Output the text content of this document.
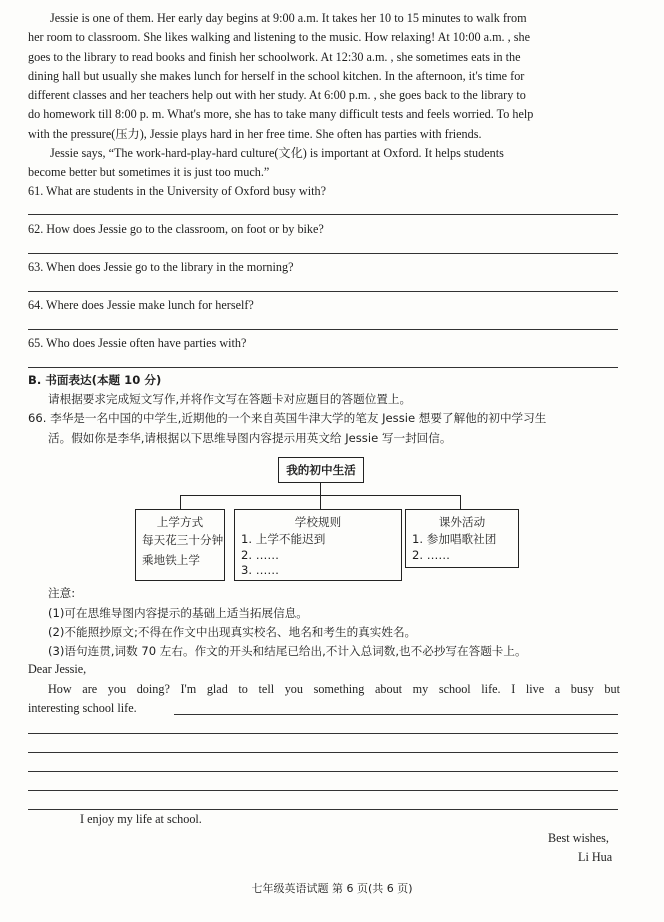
Jessie is one of them. Her early day begins at 9:00 a.m. It takes her 10 to 15 minutes to walk from
her room to classroom. She likes walking and listening to the music. How relaxing! At 10:00 a.m. , she
goes to the library to read books and finish her schoolwork. At 12:30 a.m. , she sometimes eats in the
dining hall but usually she makes lunch for herself in the school kitchen. In the afternoon, it's time for
different classes and her teachers help out with her study. At 6:00 p.m. , she goes back to the library to
do homework till 8:00 p. m. What's more, she has to take many difficult tests and feels worried. To help
with the pressure(压力), Jessie plays hard in her free time. She often has parties with friends.
Jessie says, “The work-hard-play-hard culture(文化) is important at Oxford. It helps students
become better but sometimes it is just too much.”
61. What are students in the University of Oxford busy with?
62. How does Jessie go to the classroom, on foot or by bike?
63. When does Jessie go to the library in the morning?
64. Where does Jessie make lunch for herself?
65. Who does Jessie often have parties with?
B. 书面表达(本题 10 分)
请根据要求完成短文写作,并将作文写在答题卡对应题目的答题位置上。
66. 李华是一名中国的中学生,近期他的一个来自英国牛津大学的笔友 Jessie 想要了解他的初中学习生
活。假如你是李华,请根据以下思维导图内容提示用英文给 Jessie 写一封回信。
我的初中生活
上学方式
每天花三十分钟
乘地铁上学
学校规则
1. 上学不能迟到
2. ……
3. ……
课外活动
1. 参加唱歌社团
2. ……
注意:
(1)可在思维导图内容提示的基础上适当拓展信息。
(2)不能照抄原文;不得在作文中出现真实校名、地名和考生的真实姓名。
(3)语句连贯,词数 70 左右。作文的开头和结尾已给出,不计入总词数,也不必抄写在答题卡上。
Dear Jessie,
How are you doing? I'm glad to tell you something about my school life. I live a busy but
interesting school life.
I enjoy my life at school.
Best wishes,
Li Hua
七年级英语试题 第 6 页(共 6 页)
